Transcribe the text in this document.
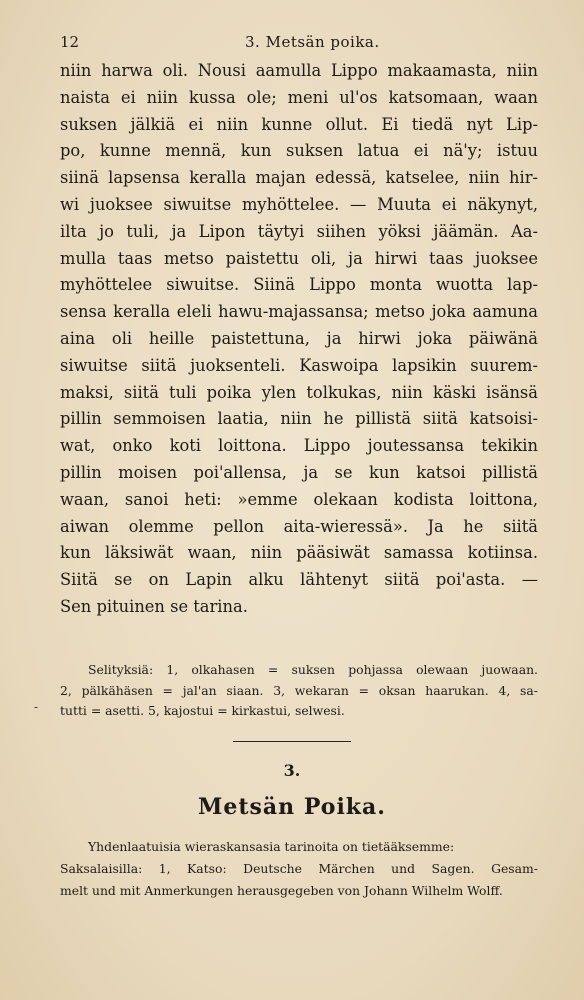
12	3. Metsän poika.
niin harwa oli. Nousi aamulla Lippo makaamasta, niin
naista ei niin kussa ole; meni ul'os katsomaan, waan
suksen jälkiä ei niin kunne ollut. Ei tiedä nyt Lip-
po, kunne mennä, kun suksen latua ei nä'y; istuu
siinä lapsensa keralla majan edessä, katselee, niin hir-
wi juoksee siwuitse myhöttelee. — Muuta ei näkynyt,
ilta jo tuli, ja Lipon täytyi siihen yöksi jäämän. Aa-
mulla taas metso paistettu oli, ja hirwi taas juoksee
myhöttelee siwuitse. Siinä Lippo monta wuotta lap-
sensa keralla eleli hawu-majassansa; metso joka aamuna
aina oli heille paistettuna, ja hirwi joka päiwänä
siwuitse siitä juoksenteli. Kaswoipa lapsikin suurem-
maksi, siitä tuli poika ylen tolkukas, niin käski isänsä
pillin semmoisen laatia, niin he pillistä siitä katsoisi-
wat, onko koti loittona. Lippo joutessansa tekikin
pillin moisen poi'allensa, ja se kun katsoi pillistä
waan, sanoi heti: »emme olekaan kodista loittona,
aiwan olemme pellon aita-wieressä». Ja he siitä
kun läksiwät waan, niin pääsiwät samassa kotiinsa.
Siitä se on Lapin alku lähtenyt siitä poi'asta. —
Sen pituinen se tarina.
Selityksiä: 1, olkahasen = suksen pohjassa olewaan juowaan.
2, pälkähäsen = jal'an siaan. 3, wekaran = oksan haarukan. 4, sa-
tutti = asetti. 5, kajostui = kirkastui, selwesi.
-
3.
Metsän Poika.
Yhdenlaatuisia wieraskansasia tarinoita on tietääksemme:
Saksalaisilla: 1, Katso: Deutsche Märchen und Sagen. Gesam-
melt und mit Anmerkungen herausgegeben von Johann Wilhelm Wolff.
